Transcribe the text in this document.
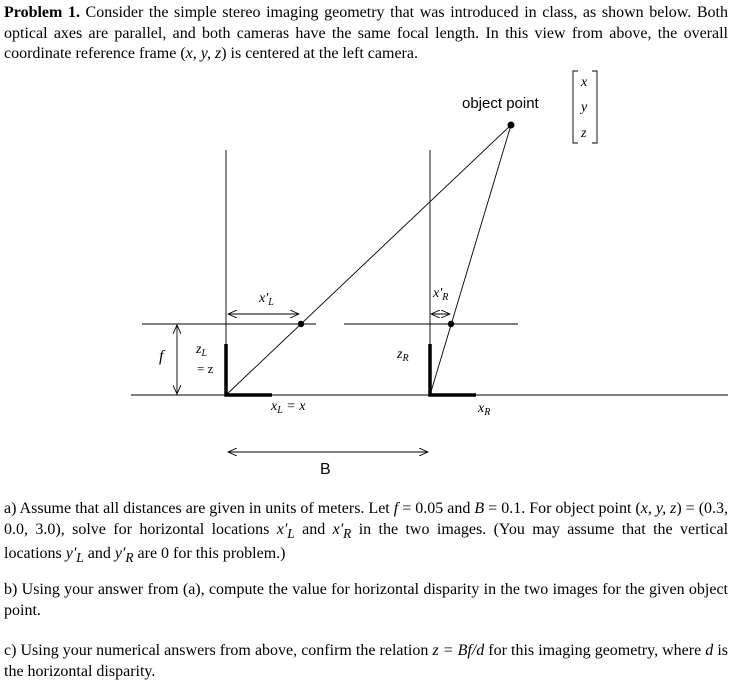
Problem 1. Consider the simple stereo imaging geometry that was introduced in class, as shown below. Both optical axes are parallel, and both cameras have the same focal length. In this view from above, the overall coordinate reference frame (x, y, z) is centered at the left camera.
object point
x
y
z
f $z_L$
= z
$z_R$
$x'_L$
$x'_R$
$x_L = x$	$x_R$
B
a) Assume that all distances are given in units of meters. Let f = 0.05 and B = 0.1. For object point (x, y, z) = (0.3, 0.0, 3.0), solve for horizontal locations $x'_L$ and $x'_R$ in the two images. (You may assume that the vertical locations $y'_L$ and $y'_R$ are 0 for this problem.)
b) Using your answer from (a), compute the value for horizontal disparity in the two images for the given object point.
c) Using your numerical answers from above, confirm the relation z = Bf/d for this imaging geometry, where d is the horizontal disparity.
